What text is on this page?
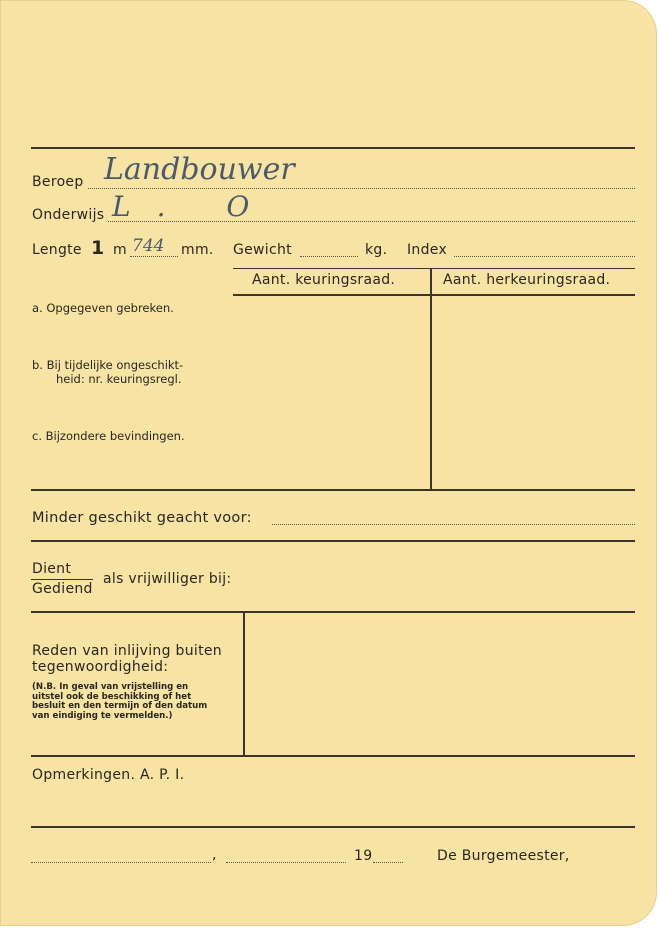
Beroep Landbouwer
Onderwijs L. O
Lengte 1 m 744 mm. Gewicht	kg. Index
Aant. keuringsraad.	Aant. herkeuringsraad.
a. Opgegeven gebreken.
b. Bij tijdelijke ongeschikt-
heid: nr. keuringsregl.
c. Bijzondere bevindingen.
Minder geschikt geacht voor:
Dient
Gediend
als vrijwilliger bij:
Reden van inlijving buiten
tegenwoordigheid:
(N.B. In geval van vrijstelling en
uitstel ook de beschikking of het
besluit en den termijn of den datum
van eindiging te vermelden.)
Opmerkingen. A. P. I.
,	19	De Burgemeester,
